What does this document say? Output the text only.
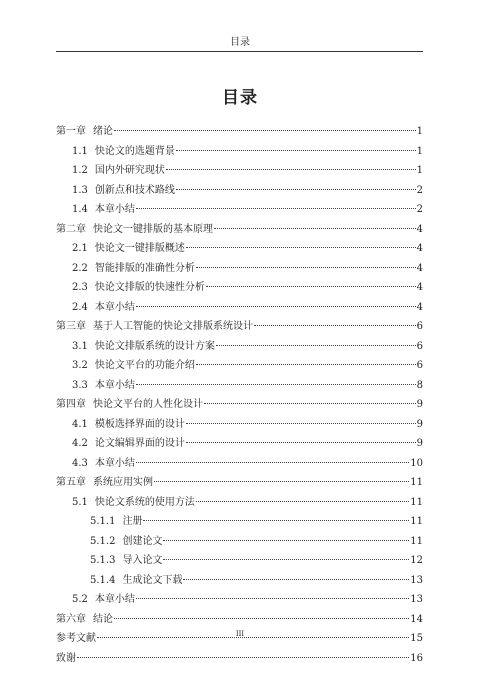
目录
目录
第一章 绪论	1
1.1 快论文的选题背景	1
1.2 国内外研究现状	1
1.3 创新点和技术路线	2
1.4 本章小结	2
第二章 快论文一键排版的基本原理	4
2.1 快论文一键排版概述	4
2.2 智能排版的准确性分析	4
2.3 快论文排版的快速性分析	4
2.4 本章小结	4
第三章 基于人工智能的快论文排版系统设计	6
3.1 快论文排版系统的设计方案	6
3.2 快论文平台的功能介绍	6
3.3 本章小结	8
第四章 快论文平台的人性化设计	9
4.1 模板选择界面的设计	9
4.2 论文编辑界面的设计	9
4.3 本章小结	10
第五章 系统应用实例	11
5.1 快论文系统的使用方法	11
5.1.1 注册	11
5.1.2 创建论文	11
5.1.3 导入论文	12
5.1.4 生成论文下载	13
5.2 本章小结	13
第六章 结论	14
参考文献	15
致谢	16
III
